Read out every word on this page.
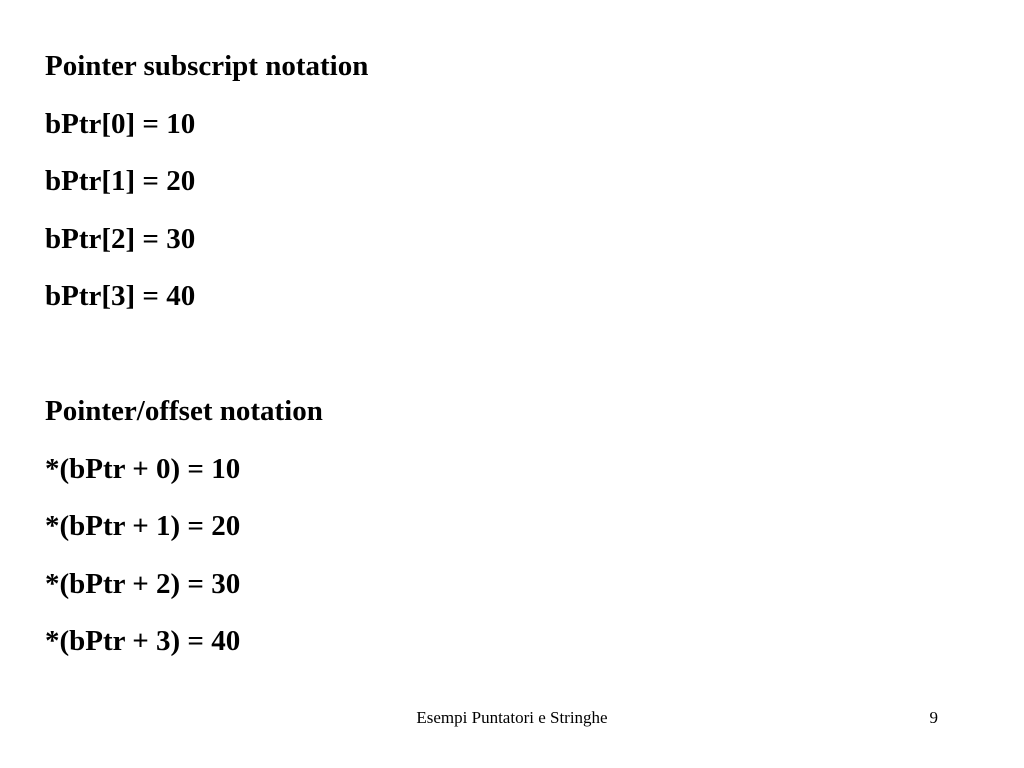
Pointer subscript notation
bPtr[0] = 10
bPtr[1] = 20
bPtr[2] = 30
bPtr[3] = 40
Pointer/offset notation
*(bPtr + 0) = 10
*(bPtr + 1) = 20
*(bPtr + 2) = 30
*(bPtr + 3) = 40
Esempi Puntatori e Stringhe	9
